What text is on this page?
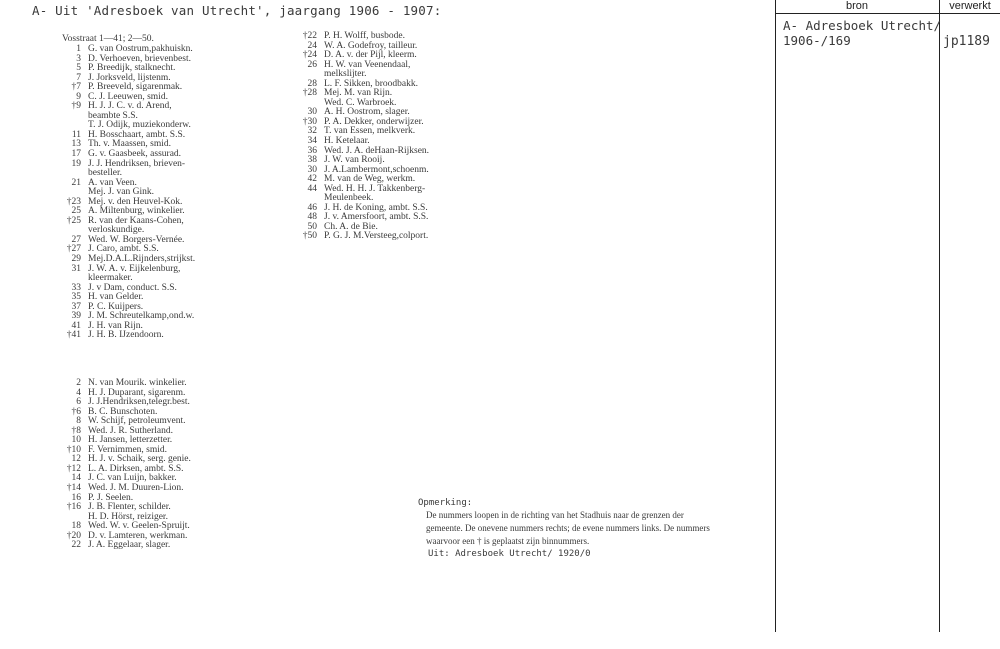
A- Uit 'Adresboek van Utrecht', jaargang 1906 - 1907:
Vosstraat 1—41; 2—50.
1 G. van Oostrum,pakhuiskn.
3 D. Verhoeven, brievenbest.
5 P. Breedijk, stalknecht.
7 J. Jorksveld, lijstenm.
†7 P. Breeveld, sigarenmak.
9 C. J. Leeuwen, smid.
†9 H. J. J. C. v. d. Arend,
beambte S.S.
T. J. Odijk, muziekonderw.
11 H. Bosschaart, ambt. S.S.
13 Th. v. Maassen, smid.
17 G. v. Gaasbeek, assurad.
19 J. J. Hendriksen, brieven-
besteller.
21 A. van Veen.
Mej. J. van Gink.
†23 Mej. v. den Heuvel-Kok.
25 A. Miltenburg, winkelier.
†25 R. van der Kaans-Cohen,
verloskundige.
27 Wed. W. Borgers-Vernée.
†27 J. Caro, ambt. S.S.
29 Mej.D.A.L.Rijnders,strijkst.
31 J. W. A. v. Eijkelenburg,
kleermaker.
33 J. v Dam, conduct. S.S.
35 H. van Gelder.
37 P. C. Kuijpers.
39 J. M. Schreutelkamp,ond.w.
41 J. H. van Rijn.
†41 J. H. B. IJzendoorn.
2 N. van Mourik. winkelier.
4 H. J. Duparant, sigarenm.
6 J. J.Hendriksen,telegr.best.
†6 B. C. Bunschoten.
8 W. Schijf, petroleumvent.
†8 Wed. J. R. Sutherland.
10 H. Jansen, letterzetter.
†10 F. Vernimmen, smid.
12 H. J. v. Schaik, serg. genie.
†12 L. A. Dirksen, ambt. S.S.
14 J. C. van Luijn, bakker.
†14 Wed. J. M. Duuren-Lion.
16 P. J. Seelen.
†16 J. B. Flenter, schilder.
H. D. Hörst, reiziger.
18 Wed. W. v. Geelen-Spruijt.
†20 D. v. Lamteren, werkman.
22 J. A. Eggelaar, slager.
†22 P. H. Wolff, busbode.
24 W. A. Godefroy, tailleur.
†24 D. A. v. der Pijl, kleerm.
26 H. W. van Veenendaal,
melkslijter.
28 L. F. Sikken, broodbakk.
†28 Mej. M. van Rijn.
Wed. C. Warbroek.
30 A. H. Oostrom, slager.
†30 P. A. Dekker, onderwijzer.
32 T. van Essen, melkverk.
34 H. Ketelaar.
36 Wed. J. A. deHaan-Rijksen.
38 J. W. van Rooij.
30 J. A.Lambermont,schoenm.
42 M. van de Weg, werkm.
44 Wed. H. H. J. Takkenberg-
Meulenbeek.
46 J. H. de Koning, ambt. S.S.
48 J. v. Amersfoort, ambt. S.S.
50 Ch. A. de Bie.
†50 P. G. J. M.Versteeg,colport.
Opmerking:
De nummers loopen in de richting van het Stadhuis naar de grenzen der
gemeente. De onevene nummers rechts; de evene nummers links. De nummers
waarvoor een † is geplaatst zijn binnummers.
Uit: Adresboek Utrecht/ 1920/0
bron	verwerkt
A- Adresboek Utrecht/
1906-/169	jp1189
